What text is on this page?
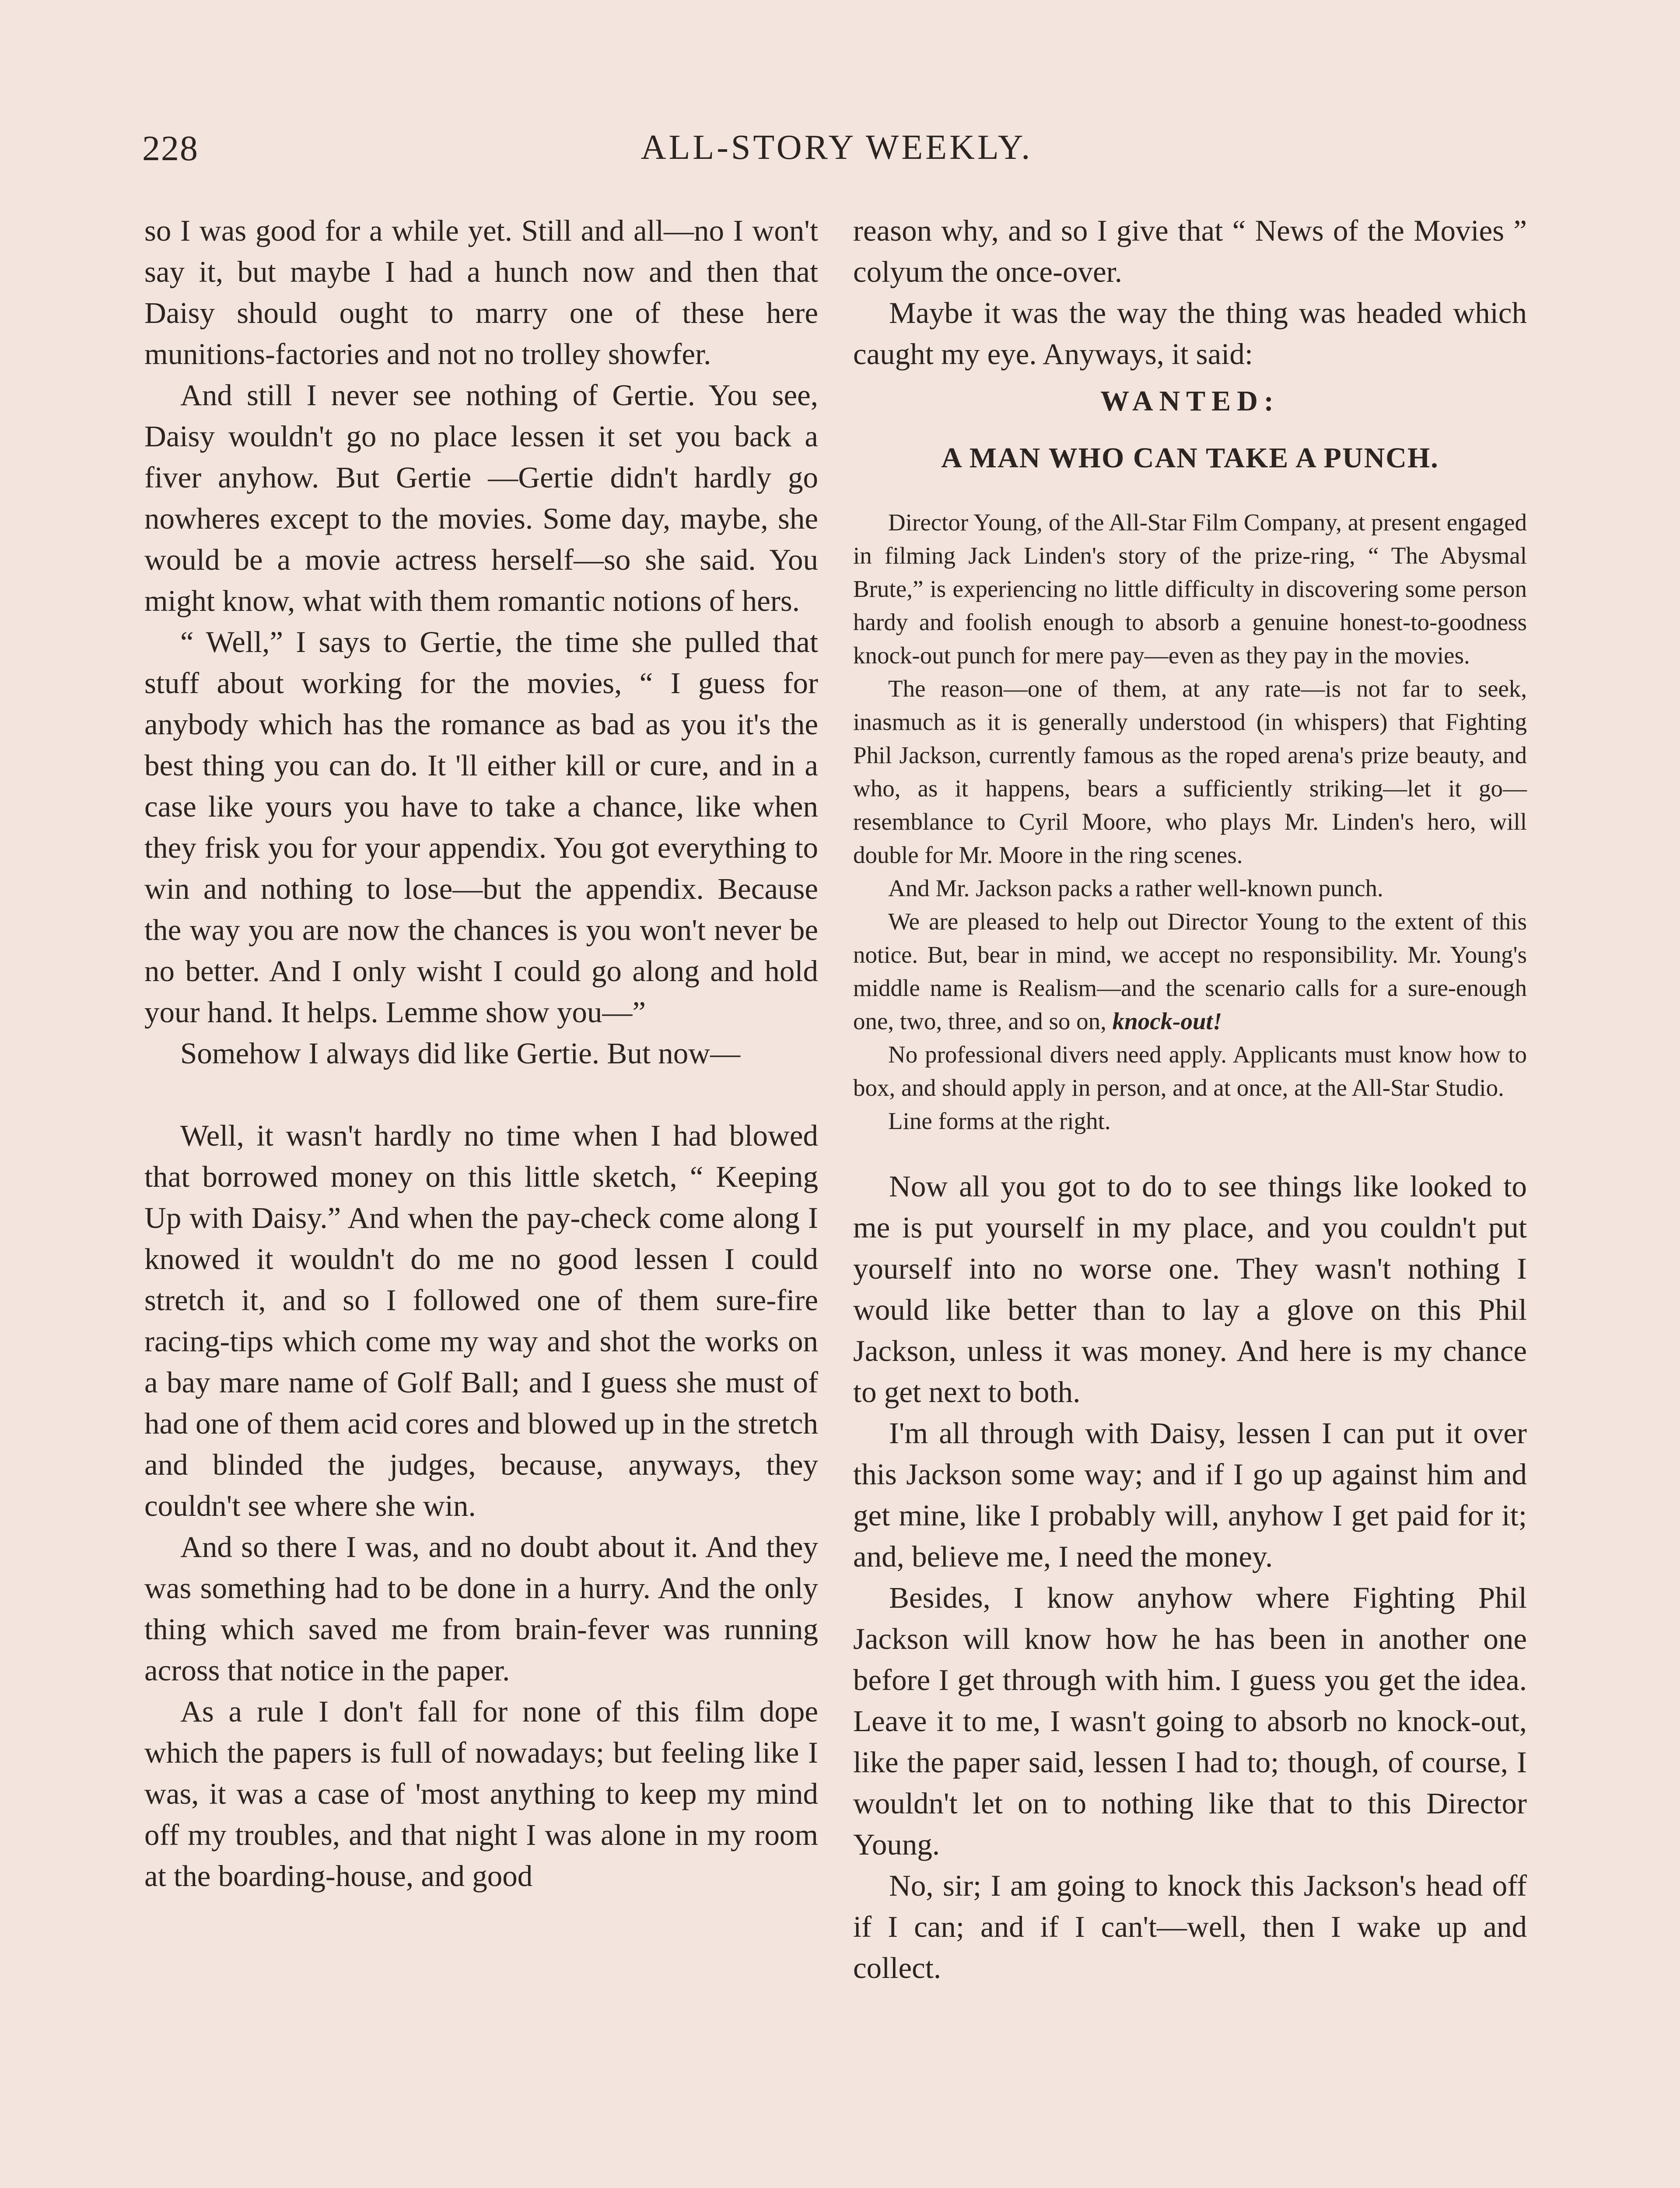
228	ALL-STORY WEEKLY.

so I was good for a while yet. Still and all—no I won't say it, but maybe I had a hunch now and then that Daisy should ought to marry one of these here munitions-factories and not no trolley showfer.

And still I never see nothing of Gertie. You see, Daisy wouldn't go no place lessen it set you back a fiver anyhow. But Gertie —Gertie didn't hardly go nowheres except to the movies. Some day, maybe, she would be a movie actress herself—so she said. You might know, what with them romantic notions of hers.

“ Well,” I says to Gertie, the time she pulled that stuff about working for the movies, “ I guess for anybody which has the romance as bad as you it's the best thing you can do. It 'll either kill or cure, and in a case like yours you have to take a chance, like when they frisk you for your appendix. You got everything to win and nothing to lose—but the appendix. Because the way you are now the chances is you won't never be no better. And I only wisht I could go along and hold your hand. It helps. Lemme show you—”

Somehow I always did like Gertie. But now—

Well, it wasn't hardly no time when I had blowed that borrowed money on this little sketch, “ Keeping Up with Daisy.” And when the pay-check come along I knowed it wouldn't do me no good lessen I could stretch it, and so I followed one of them sure-fire racing-tips which come my way and shot the works on a bay mare name of Golf Ball; and I guess she must of had one of them acid cores and blowed up in the stretch and blinded the judges, because, anyways, they couldn't see where she win.

And so there I was, and no doubt about it. And they was something had to be done in a hurry. And the only thing which saved me from brain-fever was running across that notice in the paper.

As a rule I don't fall for none of this film dope which the papers is full of nowadays; but feeling like I was, it was a case of 'most anything to keep my mind off my troubles, and that night I was alone in my room at the boarding-house, and good

reason why, and so I give that “ News of the Movies ” colyum the once-over.

Maybe it was the way the thing was headed which caught my eye. Anyways, it said:

WANTED:
A MAN WHO CAN TAKE A PUNCH.

Director Young, of the All-Star Film Company, at present engaged in filming Jack Linden's story of the prize-ring, “ The Abysmal Brute,” is experiencing no little difficulty in discovering some person hardy and foolish enough to absorb a genuine honest-to-goodness knock-out punch for mere pay—even as they pay in the movies.

The reason—one of them, at any rate—is not far to seek, inasmuch as it is generally understood (in whispers) that Fighting Phil Jackson, currently famous as the roped arena's prize beauty, and who, as it happens, bears a sufficiently striking—let it go—resemblance to Cyril Moore, who plays Mr. Linden's hero, will double for Mr. Moore in the ring scenes.

And Mr. Jackson packs a rather well-known punch.

We are pleased to help out Director Young to the extent of this notice. But, bear in mind, we accept no responsibility. Mr. Young's middle name is Realism—and the scenario calls for a sure-enough one, two, three, and so on, knock-out!

No professional divers need apply. Applicants must know how to box, and should apply in person, and at once, at the All-Star Studio.

Line forms at the right.

Now all you got to do to see things like looked to me is put yourself in my place, and you couldn't put yourself into no worse one. They wasn't nothing I would like better than to lay a glove on this Phil Jackson, unless it was money. And here is my chance to get next to both.

I'm all through with Daisy, lessen I can put it over this Jackson some way; and if I go up against him and get mine, like I probably will, anyhow I get paid for it; and, believe me, I need the money.

Besides, I know anyhow where Fighting Phil Jackson will know how he has been in another one before I get through with him. I guess you get the idea. Leave it to me, I wasn't going to absorb no knock-out, like the paper said, lessen I had to; though, of course, I wouldn't let on to nothing like that to this Director Young.

No, sir; I am going to knock this Jackson's head off if I can; and if I can't—well, then I wake up and collect.
